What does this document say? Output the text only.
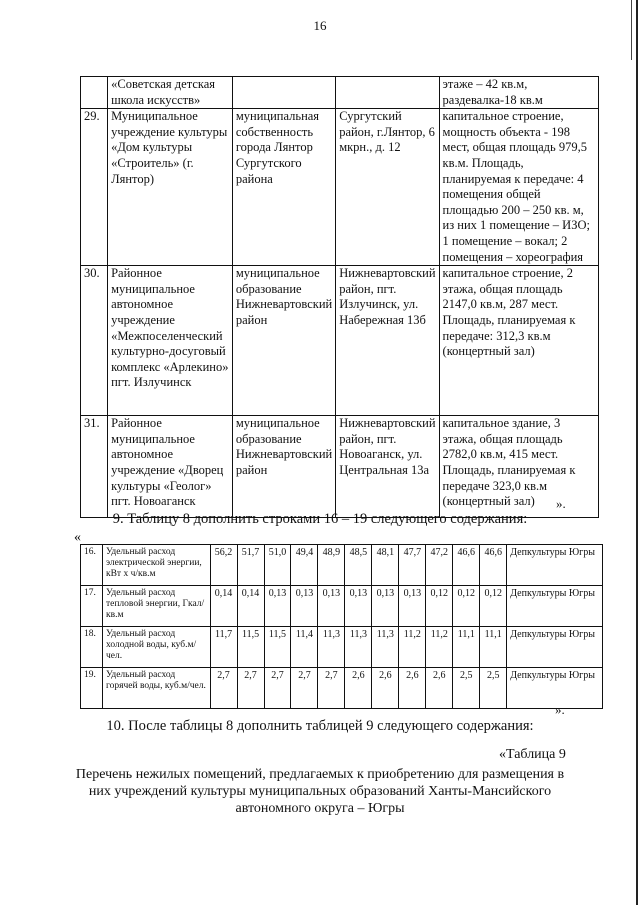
16
	«Советская детская школа искусств»			этаже – 42 кв.м, раздевалка-18 кв.м
29.	Муниципальное учреждение культуры «Дом культуры «Строитель» (г. Лянтор)	муниципальная собственность города Лянтор Сургутского района	Сургутский район, г.Лянтор, 6 мкрн., д. 12	капитальное строение, мощность объекта - 198 мест, общая площадь 979,5 кв.м. Площадь, планируемая к передаче: 4 помещения общей площадью 200 – 250 кв. м, из них 1 помещение – ИЗО; 1 помещение – вокал; 2 помещения – хореография
30.	Районное муниципальное автономное учреждение «Межпоселенческий культурно-досуговый комплекс «Арлекино» пгт. Излучинск	муниципальное образование Нижневартовский район	Нижневартовский район, пгт. Излучинск, ул. Набережная 13б	капитальное строение, 2 этажа, общая площадь 2147,0 кв.м, 287 мест. Площадь, планируемая к передаче: 312,3 кв.м (концертный зал)
31.	Районное муниципальное автономное учреждение «Дворец культуры «Геолог» пгт. Новоаганск	муниципальное образование Нижневартовский район	Нижневартовский район, пгт. Новоаганск, ул. Центральная 13а	капитальное здание, 3 этажа, общая площадь 2782,0 кв.м, 415 мест. Площадь, планируемая к передаче 323,0 кв.м (концертный зал) ».
9. Таблицу 8 дополнить строками 16 – 19 следующего содержания:
«
16.	Удельный расход электрической энергии, кВт х ч/кв.м	56,2	51,7	51,0	49,4	48,9	48,5	48,1	47,7	47,2	46,6	46,6	Депкультуры Югры
17.	Удельный расход тепловой энергии, Гкал/кв.м	0,14	0,14	0,13	0,13	0,13	0,13	0,13	0,13	0,12	0,12	0,12	Депкультуры Югры
18.	Удельный расход холодной воды, куб.м/чел.	11,7	11,5	11,5	11,4	11,3	11,3	11,3	11,2	11,2	11,1	11,1	Депкультуры Югры
19.	Удельный расход горячей воды, куб.м/чел.	2,7	2,7	2,7	2,7	2,7	2,6	2,6	2,6	2,6	2,5	2,5	Депкультуры Югры
».
10. После таблицы 8 дополнить таблицей 9 следующего содержания:
«Таблица 9
Перечень нежилых помещений, предлагаемых к приобретению для размещения в них учреждений культуры муниципальных образований Ханты-Мансийского автономного округа – Югры
